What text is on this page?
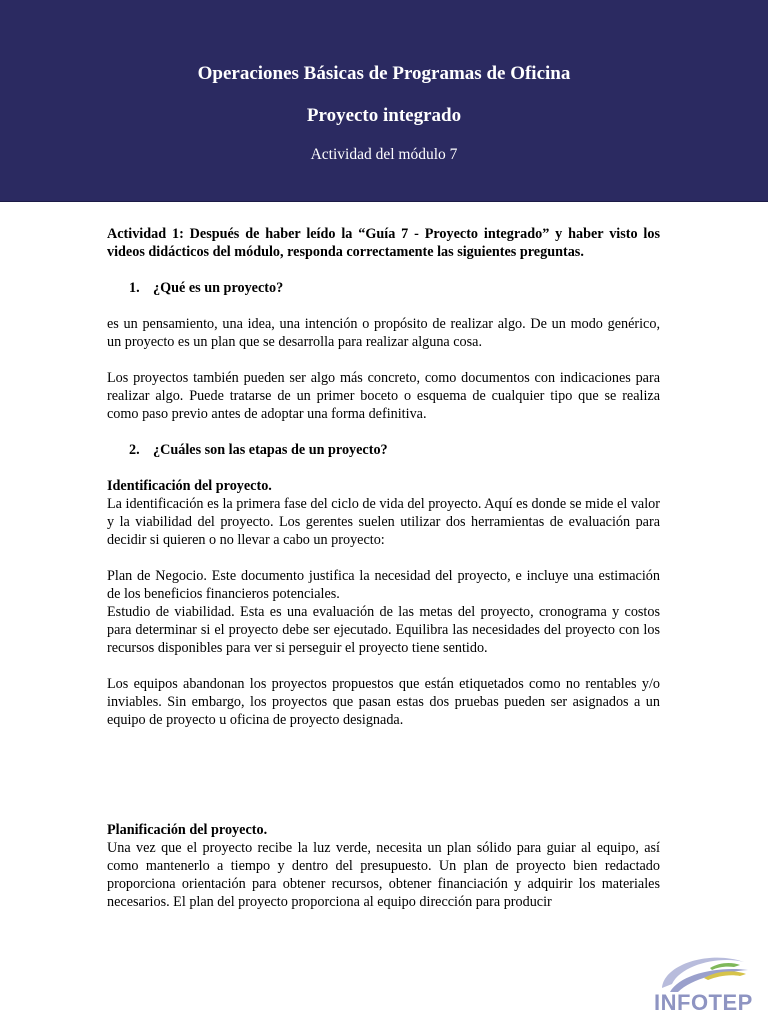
Operaciones Básicas de Programas de Oficina
Proyecto integrado
Actividad del módulo 7

Actividad 1: Después de haber leído la “Guía 7 - Proyecto integrado” y haber visto los videos didácticos del módulo, responda correctamente las siguientes preguntas.

1. ¿Qué es un proyecto?

es un pensamiento, una idea, una intención o propósito de realizar algo. De un modo genérico, un proyecto es un plan que se desarrolla para realizar alguna cosa.

Los proyectos también pueden ser algo más concreto, como documentos con indicaciones para realizar algo. Puede tratarse de un primer boceto o esquema de cualquier tipo que se realiza como paso previo antes de adoptar una forma definitiva.

2. ¿Cuáles son las etapas de un proyecto?

Identificación del proyecto.

La identificación es la primera fase del ciclo de vida del proyecto. Aquí es donde se mide el valor y la viabilidad del proyecto. Los gerentes suelen utilizar dos herramientas de evaluación para decidir si quieren o no llevar a cabo un proyecto:

Plan de Negocio. Este documento justifica la necesidad del proyecto, e incluye una estimación de los beneficios financieros potenciales.

Estudio de viabilidad. Esta es una evaluación de las metas del proyecto, cronograma y costos para determinar si el proyecto debe ser ejecutado. Equilibra las necesidades del proyecto con los recursos disponibles para ver si perseguir el proyecto tiene sentido.

Los equipos abandonan los proyectos propuestos que están etiquetados como no rentables y/o inviables. Sin embargo, los proyectos que pasan estas dos pruebas pueden ser asignados a un equipo de proyecto u oficina de proyecto designada.

Planificación del proyecto.

Una vez que el proyecto recibe la luz verde, necesita un plan sólido para guiar al equipo, así como mantenerlo a tiempo y dentro del presupuesto. Un plan de proyecto bien redactado proporciona orientación para obtener recursos, obtener financiación y adquirir los materiales necesarios. El plan del proyecto proporciona al equipo dirección para producir

INFOTEP
